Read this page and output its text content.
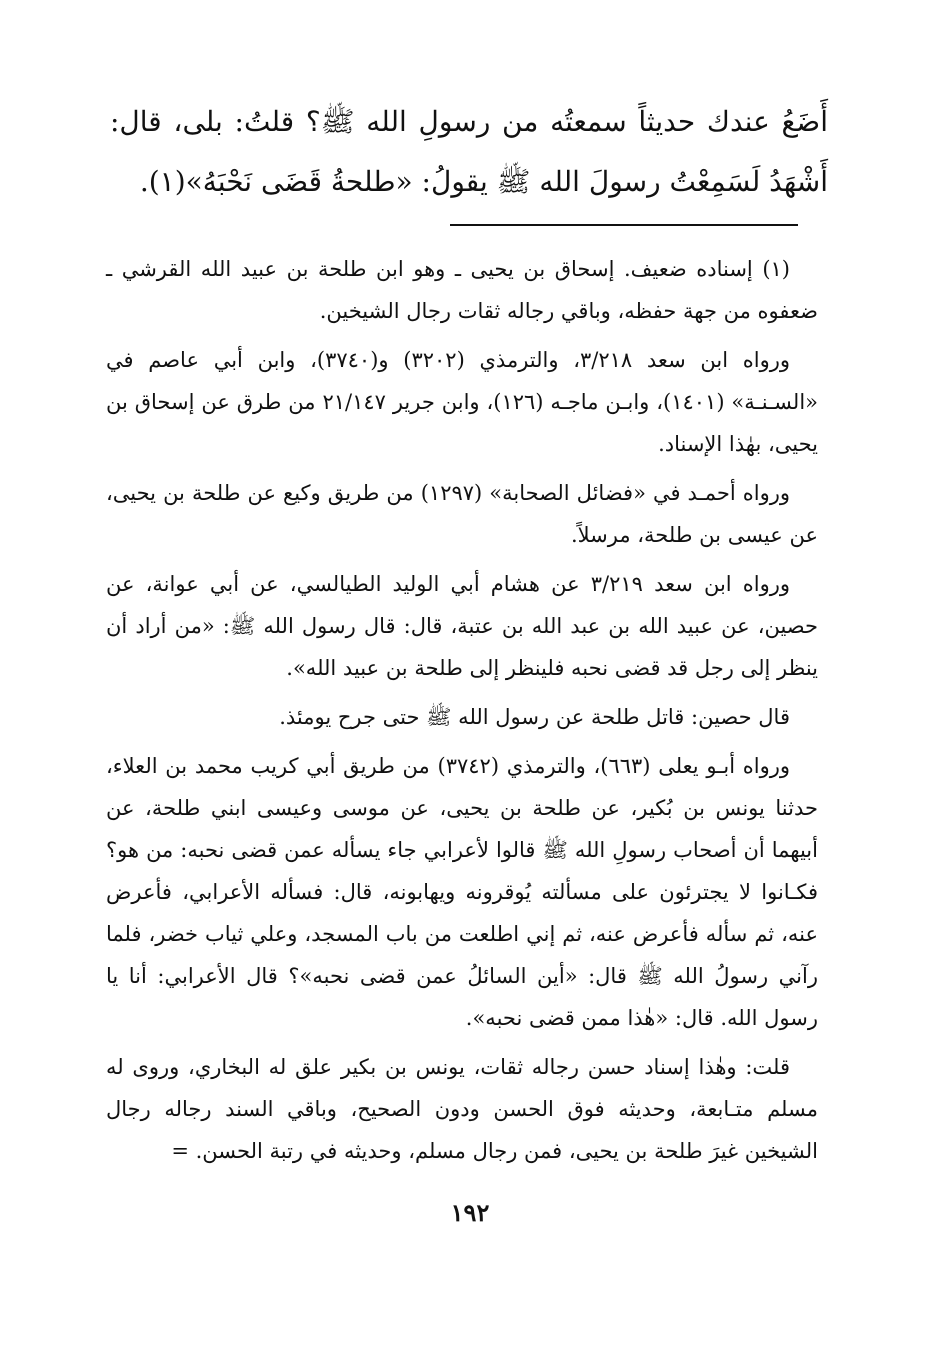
أَضَعُ عندك حديثاً سمعتُه من رسولِ الله ﷺ؟ قلتُ: بلى، قال: أَشْهَدُ لَسَمِعْتُ رسولَ الله ﷺ يقولُ: «طلحةُ قَضَى نَحْبَهُ»(١).

(١) إسناده ضعيف. إسحاق بن يحيى ـ وهو ابن طلحة بن عبيد الله القرشي ـ ضعفوه من جهة حفظه، وباقي رجاله ثقات رجال الشيخين.

ورواه ابن سعد ٣/٢١٨، والترمذي (٣٢٠٢) و(٣٧٤٠)، وابن أبي عاصم في «السـنـة» (١٤٠١)، وابـن ماجـه (١٢٦)، وابن جرير ٢١/١٤٧ من طرق عن إسحاق بن يحيى، بهٰذا الإسناد.

ورواه أحمـد في «فضائل الصحابة» (١٢٩٧) من طريق وكيع عن طلحة بن يحيى، عن عيسى بن طلحة، مرسلاً.

ورواه ابن سعد ٣/٢١٩ عن هشام أبي الوليد الطيالسي، عن أبي عوانة، عن حصين، عن عبيد الله بن عبد الله بن عتبة، قال: قال رسول الله ﷺ: «من أراد أن ينظر إلى رجل قد قضى نحبه فلينظر إلى طلحة بن عبيد الله».

قال حصين: قاتل طلحة عن رسول الله ﷺ حتى جرح يومئذ.

ورواه أبـو يعلى (٦٦٣)، والترمذي (٣٧٤٢) من طريق أبي كريب محمد بن العلاء، حدثنا يونس بن بُكير، عن طلحة بن يحيى، عن موسى وعيسى ابني طلحة، عن أبيهما أن أصحاب رسولِ الله ﷺ قالوا لأعرابي جاء يسأله عمن قضى نحبه: من هو؟ فكـانوا لا يجترئون على مسألته يُوقرونه ويهابونه، قال: فسأله الأعرابي، فأعرض عنه، ثم سأله فأعرض عنه، ثم إني اطلعت من باب المسجد، وعلي ثياب خضر، فلما رآني رسولُ الله ﷺ قال: «أين السائلُ عمن قضى نحبه»؟ قال الأعرابي: أنا يا رسول الله. قال: «هٰذا ممن قضى نحبه».

قلت: وهٰذا إسناد حسن رجاله ثقات، يونس بن بكير علق له البخاري، وروى له مسلم متـابعة، وحديثه فوق الحسن ودون الصحيح، وباقي السند رجاله رجال الشيخين غيرَ طلحة بن يحيى، فمن رجال مسلم، وحديثه في رتبة الحسن. =

١٩٢
